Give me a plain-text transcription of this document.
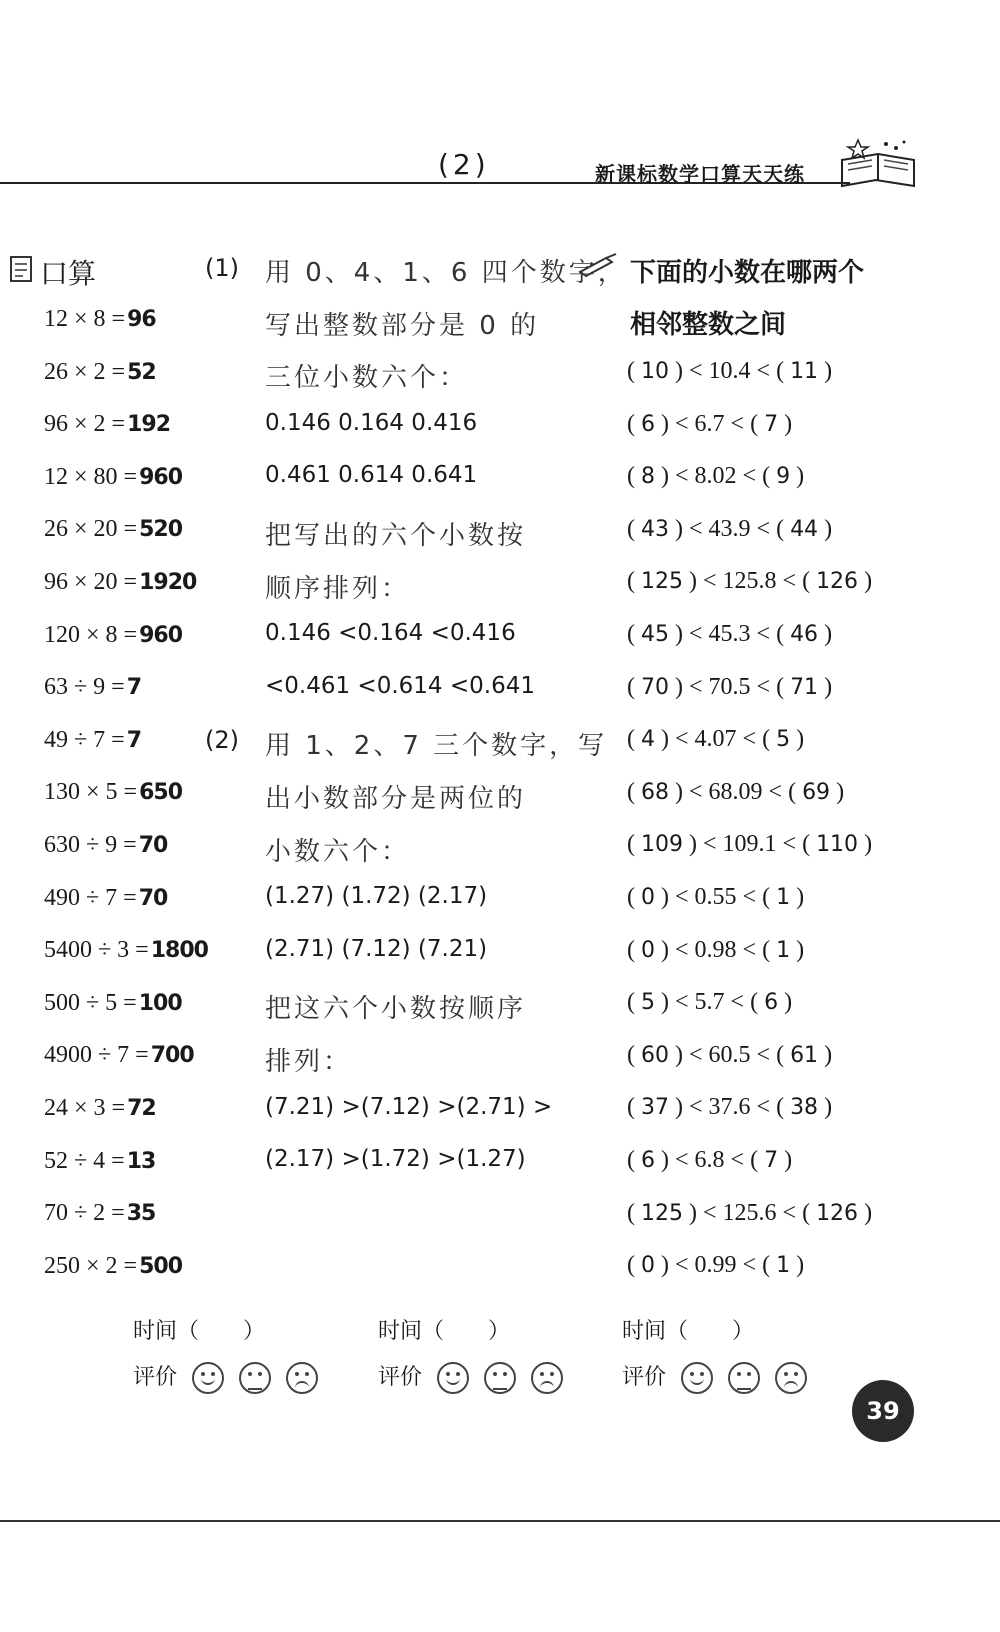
(2)	新课标数学口算天天练
口算
12 × 8 =96
26 × 2 =52
96 × 2 =192
12 × 80 =960
26 × 20 =520
96 × 20 =1920
120 × 8 =960
63 ÷ 9 =7
49 ÷ 7 =7
130 × 5 =650
630 ÷ 9 =70
490 ÷ 7 =70
5400 ÷ 3 =1800
500 ÷ 5 =100
4900 ÷ 7 =700
24 × 3 =72
52 ÷ 4 =13
70 ÷ 2 =35
250 × 2 =500
(1)
(2)
用 0、4、1、6 四个数字，
写出整数部分是 0 的
三位小数六个：
0.146 0.164 0.416
0.461 0.614 0.641
把写出的六个小数按
顺序排列：
0.146 <0.164 <0.416
<0.461 <0.614 <0.641
用 1、2、7 三个数字，写
出小数部分是两位的
小数六个：
(1.27) (1.72) (2.17)
(2.71) (7.12) (7.21)
把这六个小数按顺序
排列：
(7.21) >(7.12) >(2.71) >
(2.17) >(1.72) >(1.27)
下面的小数在哪两个
相邻整数之间
( 10 ) < 10.4 < ( 11 )
( 6 ) < 6.7 < ( 7 )
( 8 ) < 8.02 < ( 9 )
( 43 ) < 43.9 < ( 44 )
( 125 ) < 125.8 < ( 126 )
( 45 ) < 45.3 < ( 46 )
( 70 ) < 70.5 < ( 71 )
( 4 ) < 4.07 < ( 5 )
( 68 ) < 68.09 < ( 69 )
( 109 ) < 109.1 < ( 110 )
( 0 ) < 0.55 < ( 1 )
( 0 ) < 0.98 < ( 1 )
( 5 ) < 5.7 < ( 6 )
( 60 ) < 60.5 < ( 61 )
( 37 ) < 37.6 < ( 38 )
( 6 ) < 6.8 < ( 7 )
( 125 ) < 125.6 < ( 126 )
( 0 ) < 0.99 < ( 1 )
时间（　　）	时间（　　）	时间（　　）
评价

	评价

	评价

39
